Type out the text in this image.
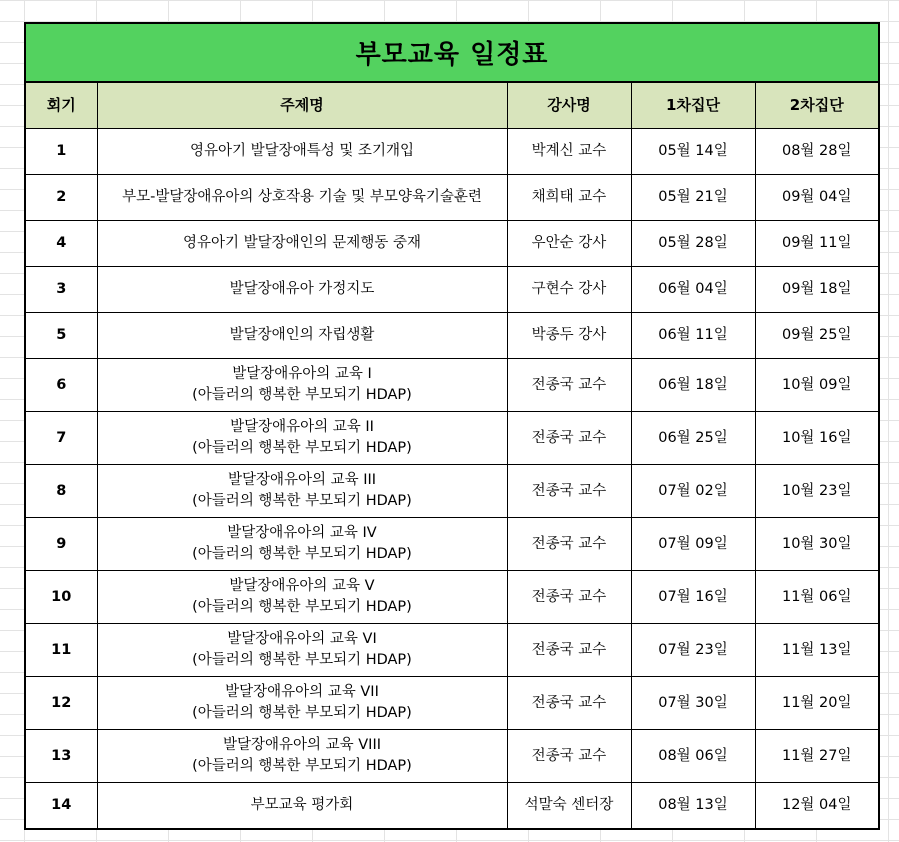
부모교육 일정표
회기	주제명	강사명	1차집단	2차집단
1	영유아기 발달장애특성 및 조기개입	박계신 교수	05월 14일	08월 28일
2	부모-발달장애유아의 상호작용 기술 및 부모양육기술훈련	채희태 교수	05월 21일	09월 04일
4	영유아기 발달장애인의 문제행동 중재	우안순 강사	05월 28일	09월 11일
3	발달장애유아 가정지도	구현수 강사	06월 04일	09월 18일
5	발달장애인의 자립생활	박종두 강사	06월 11일	09월 25일
6	발달장애유아의 교육 Ⅰ
(아들러의 행복한 부모되기 HDAP)	전종국 교수	06월 18일	10월 09일
7	발달장애유아의 교육 II
(아들러의 행복한 부모되기 HDAP)	전종국 교수	06월 25일	10월 16일
8	발달장애유아의 교육 III
(아들러의 행복한 부모되기 HDAP)	전종국 교수	07월 02일	10월 23일
9	발달장애유아의 교육 IV
(아들러의 행복한 부모되기 HDAP)	전종국 교수	07월 09일	10월 30일
10	발달장애유아의 교육 V
(아들러의 행복한 부모되기 HDAP)	전종국 교수	07월 16일	11월 06일
11	발달장애유아의 교육 VI
(아들러의 행복한 부모되기 HDAP)	전종국 교수	07월 23일	11월 13일
12	발달장애유아의 교육 VII
(아들러의 행복한 부모되기 HDAP)	전종국 교수	07월 30일	11월 20일
13	발달장애유아의 교육 VIII
(아들러의 행복한 부모되기 HDAP)	전종국 교수	08월 06일	11월 27일
14	부모교육 평가회	석말숙 센터장	08월 13일	12월 04일
